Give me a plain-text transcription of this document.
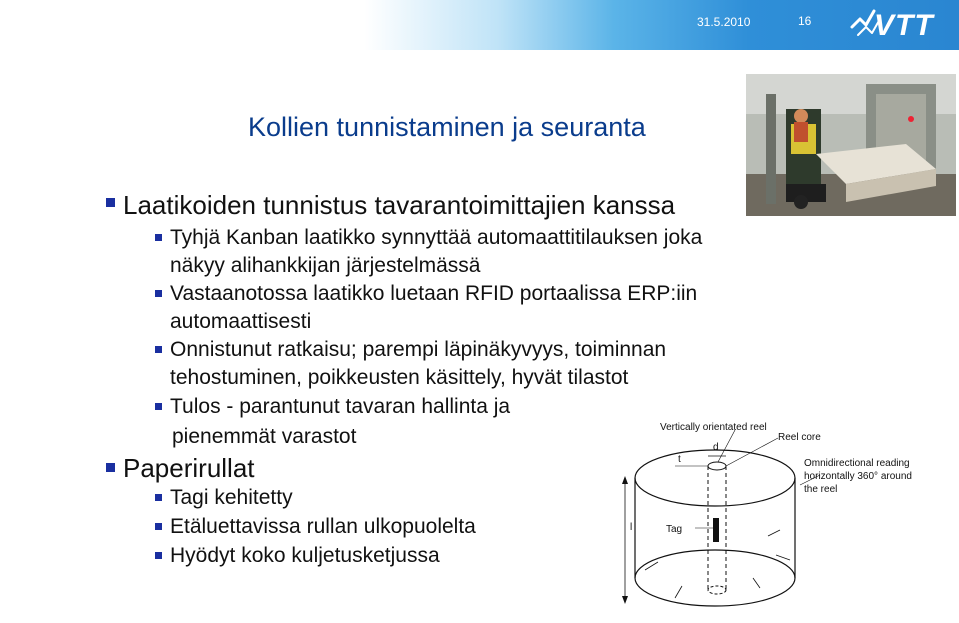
31.5.2010	16 VTT
Kollien tunnistaminen ja seuranta
Laatikoiden tunnistus tavarantoimittajien kanssa
Tyhjä Kanban laatikko synnyttää automaattitilauksen joka
näkyy alihankkijan järjestelmässä
Vastaanotossa laatikko luetaan RFID portaalissa ERP:iin
automaattisesti
Onnistunut ratkaisu; parempi läpinäkyvyys, toiminnan
tehostuminen, poikkeusten käsittely, hyvät tilastot
Tulos - parantunut tavaran hallinta ja
pienemmät varastot
Paperirullat
Tagi kehitetty
Etäluettavissa rullan ulkopuolelta
Hyödyt koko kuljetusketjussa
Vertically orientated reel
Reel core
d
t
l	Tag
Omnidirectional reading
horizontally 360° around
the reel
